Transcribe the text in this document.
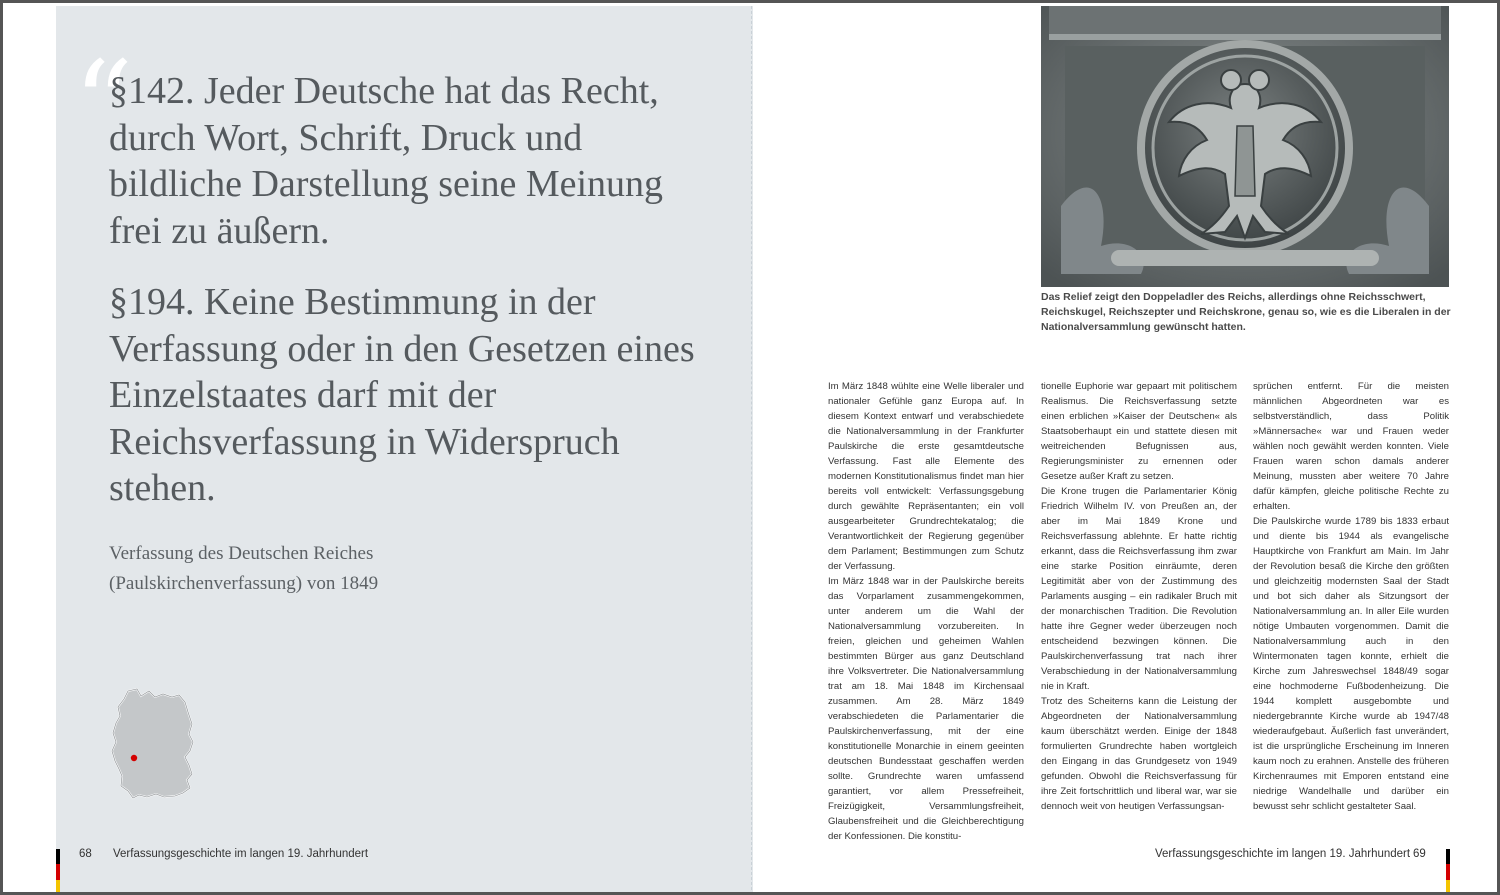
“

§142. Jeder Deutsche hat das Recht, durch Wort, Schrift, Druck und bildliche Darstellung seine Meinung frei zu äußern.

§194. Keine Bestimmung in der Verfassung oder in den Gesetzen eines Einzelstaates darf mit der Reichsverfassung in Widerspruch stehen.

Verfassung des Deutschen Reiches
(Paulskirchenverfassung) von 1849
68 Verfassungsgeschichte im langen 19. Jahrhundert

Das Relief zeigt den Doppeladler des Reichs, allerdings ohne Reichsschwert, Reichskugel, Reichszepter und Reichskrone, genau so, wie es die Liberalen in der Nationalversammlung gewünscht hatten.

Im März 1848 wühlte eine Welle liberaler und nationaler Gefühle ganz Europa auf. In diesem Kontext entwarf und verabschiedete die Nationalversammlung in der Frankfurter Paulskirche die erste gesamtdeutsche Verfassung. Fast alle Elemente des modernen Konstitutionalismus findet man hier bereits voll entwickelt: Verfassungsgebung durch gewählte Repräsentanten; ein voll ausgearbeiteter Grundrechtekatalog; die Verantwortlichkeit der Regierung gegenüber dem Parlament; Bestimmungen zum Schutz der Verfassung.

Im März 1848 war in der Paulskirche bereits das Vorparlament zusammengekommen, unter anderem um die Wahl der Nationalversammlung vorzubereiten. In freien, gleichen und geheimen Wahlen bestimmten Bürger aus ganz Deutschland ihre Volksvertreter. Die Nationalversammlung trat am 18. Mai 1848 im Kirchensaal zusammen. Am 28. März 1849 verabschiedeten die Parlamentarier die Paulskirchenverfassung, mit der eine konstitutionelle Monarchie in einem geeinten deutschen Bundesstaat geschaffen werden sollte. Grundrechte waren umfassend garantiert, vor allem Pressefreiheit, Freizügigkeit, Versammlungsfreiheit, Glaubensfreiheit und die Gleichberechtigung der Konfessionen. Die konstitu-

tionelle Euphorie war gepaart mit politischem Realismus. Die Reichsverfassung setzte einen erblichen »Kaiser der Deutschen« als Staatsoberhaupt ein und stattete diesen mit weitreichenden Befugnissen aus, Regierungsminister zu ernennen oder Gesetze außer Kraft zu setzen.

Die Krone trugen die Parlamentarier König Friedrich Wilhelm IV. von Preußen an, der aber im Mai 1849 Krone und Reichsverfassung ablehnte. Er hatte richtig erkannt, dass die Reichsverfassung ihm zwar eine starke Position einräumte, deren Legitimität aber von der Zustimmung des Parlaments ausging – ein radikaler Bruch mit der monarchischen Tradition. Die Revolution hatte ihre Gegner weder überzeugen noch entscheidend bezwingen können. Die Paulskirchenverfassung trat nach ihrer Verabschiedung in der Nationalversammlung nie in Kraft.

Trotz des Scheiterns kann die Leistung der Abgeordneten der Nationalversammlung kaum überschätzt werden. Einige der 1848 formulierten Grundrechte haben wortgleich den Eingang in das Grundgesetz von 1949 gefunden. Obwohl die Reichsverfassung für ihre Zeit fortschrittlich und liberal war, war sie dennoch weit von heutigen Verfassungsan-

sprüchen entfernt. Für die meisten männlichen Abgeordneten war es selbstverständlich, dass Politik »Männersache« war und Frauen weder wählen noch gewählt werden konnten. Viele Frauen waren schon damals anderer Meinung, mussten aber weitere 70 Jahre dafür kämpfen, gleiche politische Rechte zu erhalten.

Die Paulskirche wurde 1789 bis 1833 erbaut und diente bis 1944 als evangelische Hauptkirche von Frankfurt am Main. Im Jahr der Revolution besaß die Kirche den größten und gleichzeitig modernsten Saal der Stadt und bot sich daher als Sitzungsort der Nationalversammlung an. In aller Eile wurden nötige Umbauten vorgenommen. Damit die Nationalversammlung auch in den Wintermonaten tagen konnte, erhielt die Kirche zum Jahreswechsel 1848/49 sogar eine hochmoderne Fußbodenheizung. Die 1944 komplett ausgebombte und niedergebrannte Kirche wurde ab 1947/48 wiederaufgebaut. Äußerlich fast unverändert, ist die ursprüngliche Erscheinung im Inneren kaum noch zu erahnen. Anstelle des früheren Kirchenraumes mit Emporen entstand eine niedrige Wandelhalle und darüber ein bewusst sehr schlicht gestalteter Saal.

Verfassungsgeschichte im langen 19. Jahrhundert 69
